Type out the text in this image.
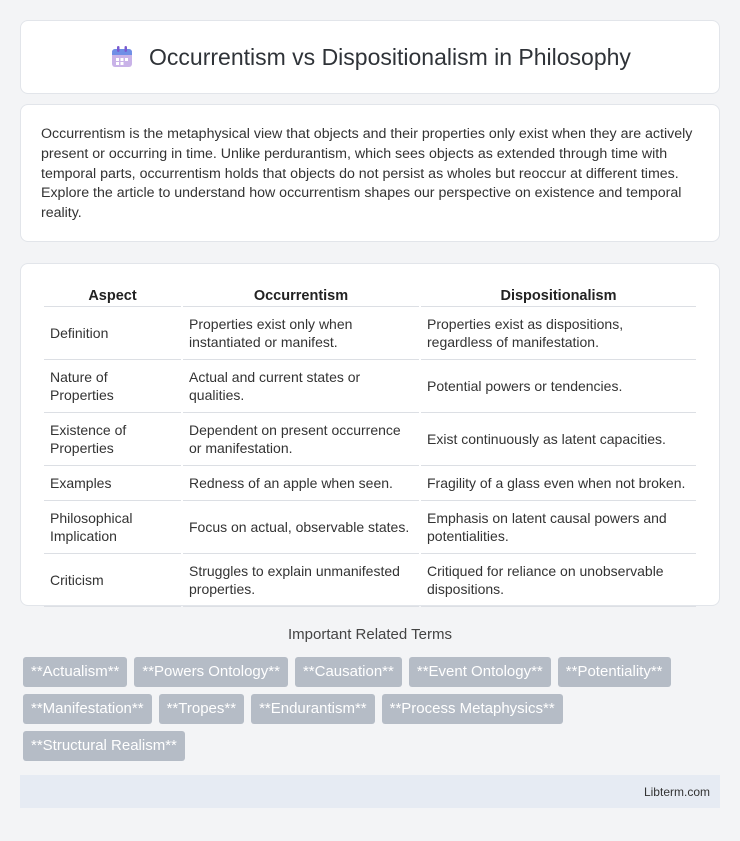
Occurrentism vs Dispositionalism in Philosophy

Occurrentism is the metaphysical view that objects and their properties only exist when they are actively present or occurring in time. Unlike perdurantism, which sees objects as extended through time with temporal parts, occurrentism holds that objects do not persist as wholes but reoccur at different times. Explore the article to understand how occurrentism shapes our perspective on existence and temporal reality.

Aspect	Occurrentism	Dispositionalism
Definition	Properties exist only when instantiated or manifest.	Properties exist as dispositions, regardless of manifestation.
Nature of Properties	Actual and current states or qualities.	Potential powers or tendencies.
Existence of Properties	Dependent on present occurrence or manifestation.	Exist continuously as latent capacities.
Examples	Redness of an apple when seen.	Fragility of a glass even when not broken.
Philosophical Implication	Focus on actual, observable states.	Emphasis on latent causal powers and potentialities.
Criticism	Struggles to explain unmanifested properties.	Critiqued for reliance on unobservable dispositions.
Important Related Terms
**Actualism**	**Powers Ontology**	**Causation**	**Event Ontology**	**Potentiality**
**Manifestation**	**Tropes**	**Endurantism**	**Process Metaphysics**
**Structural Realism**
Libterm.com
